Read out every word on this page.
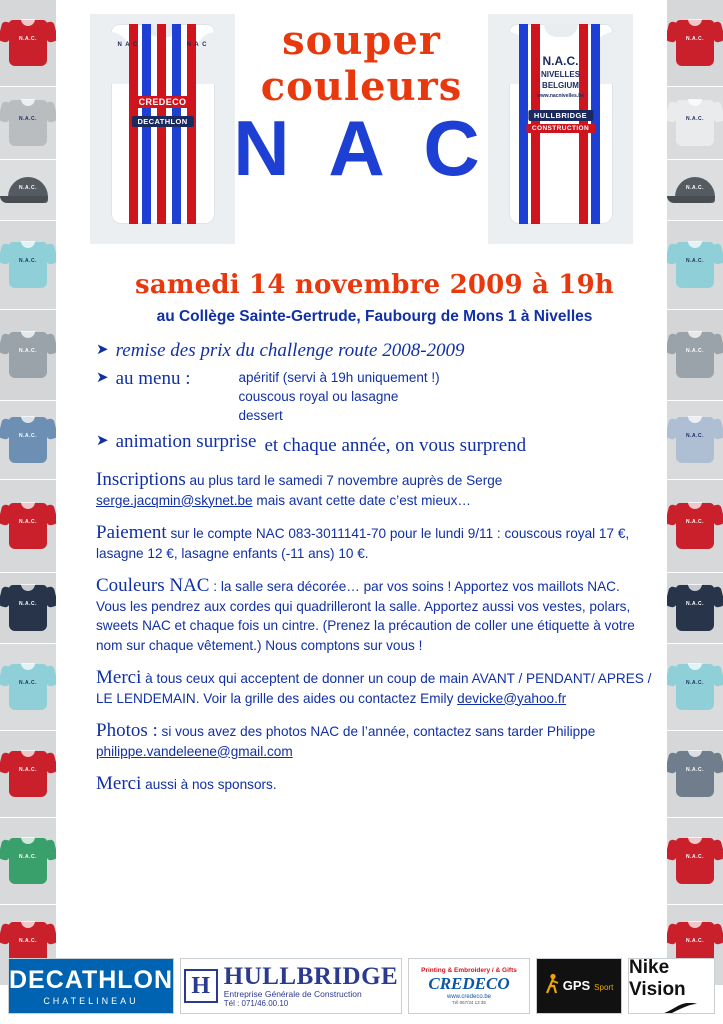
N.A.C.
N.A.C.
N.A.C.
N.A.C.
N.A.C.
N.A.C.
N.A.C.
N.A.C.
N.A.C.
N.A.C.
N.A.C.
N.A.C.
N.A.C.
N.A.C.
N.A.C.
N.A.C.
N.A.C.
N.A.C.
N.A.C.
N.A.C.
N.A.C.
N.A.C.
N.A.C.
N.A.C.
CREDECO
DECATHLON
N A C	N A C
N.A.C.
NIVELLES
BELGIUM
www.nacnivelles.be
HULLBRIDGE
CONSTRUCTION
souper
couleurs
N A C
samedi 14 novembre 2009 à 19h
au Collège Sainte-Gertrude, Faubourg de Mons 1 à Nivelles
➤ remise des prix du challenge route 2008-2009
➤ au menu :	apéritif (servi à 19h uniquement !)
couscous royal ou lasagne
dessert
➤ animation surprise et chaque année, on vous surprend
Inscriptions au plus tard le samedi 7 novembre auprès de Serge serge.jacqmin@skynet.be mais avant cette date c’est mieux…
Paiement sur le compte NAC 083-3011141-70 pour le lundi 9/11 : couscous royal 17 €, lasagne 12 €, lasagne enfants (-11 ans) 10 €.
Couleurs NAC : la salle sera décorée… par vos soins ! Apportez vos maillots NAC. Vous les pendrez aux cordes qui quadrilleront la salle. Apportez aussi vos vestes, polars, sweets NAC et chaque fois un cintre. (Prenez la précaution de coller une étiquette à votre nom sur chaque vêtement.) Nous comptons sur vous !
Merci à tous ceux qui acceptent de donner un coup de main AVANT / PENDANT/ APRES / LE LENDEMAIN. Voir la grille des aides ou contactez Emily devicke@yahoo.fr
Photos : si vous avez des photos NAC de l’année, contactez sans tarder Philippe philippe.vandeleene@gmail.com
Merci aussi à nos sponsors.
DECATHLON
CHATELINEAU
H HULLBRIDGE
Entreprise Générale de Construction
Tél : 071/46.00.10
Printing & Embroidery / & Gifts
CREDECO
www.credeco.be
Tél 067/34 13 35
GPS Sport
Nike Vision
